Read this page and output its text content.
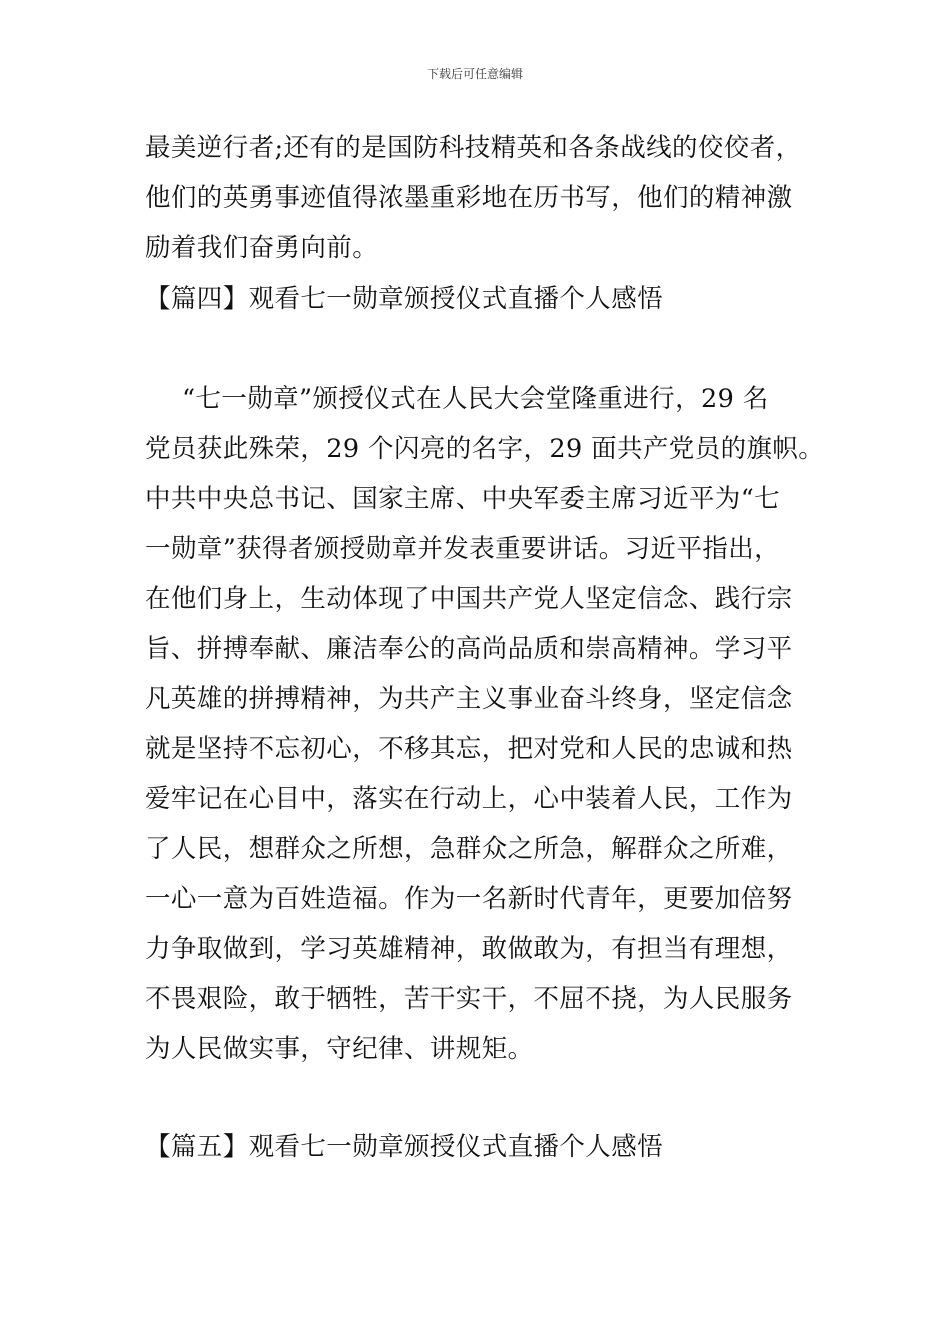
下载后可任意编辑
最美逆行者;还有的是国防科技精英和各条战线的佼佼者，
他们的英勇事迹值得浓墨重彩地在历书写，他们的精神激
励着我们奋勇向前。
【篇四】观看七一勋章颁授仪式直播个人感悟
“七一勋章”颁授仪式在人民大会堂隆重进行，29 名
党员获此殊荣，29 个闪亮的名字，29 面共产党员的旗帜。
中共中央总书记、国家主席、中央军委主席习近平为“七
一勋章”获得者颁授勋章并发表重要讲话。习近平指出，
在他们身上，生动体现了中国共产党人坚定信念、践行宗
旨、拼搏奉献、廉洁奉公的高尚品质和崇高精神。学习平
凡英雄的拼搏精神，为共产主义事业奋斗终身，坚定信念
就是坚持不忘初心，不移其忘，把对党和人民的忠诚和热
爱牢记在心目中，落实在行动上，心中装着人民，工作为
了人民，想群众之所想，急群众之所急，解群众之所难，
一心一意为百姓造福。作为一名新时代青年，更要加倍努
力争取做到，学习英雄精神，敢做敢为，有担当有理想，
不畏艰险，敢于牺牲，苦干实干，不屈不挠，为人民服务
为人民做实事，守纪律、讲规矩。
【篇五】观看七一勋章颁授仪式直播个人感悟
